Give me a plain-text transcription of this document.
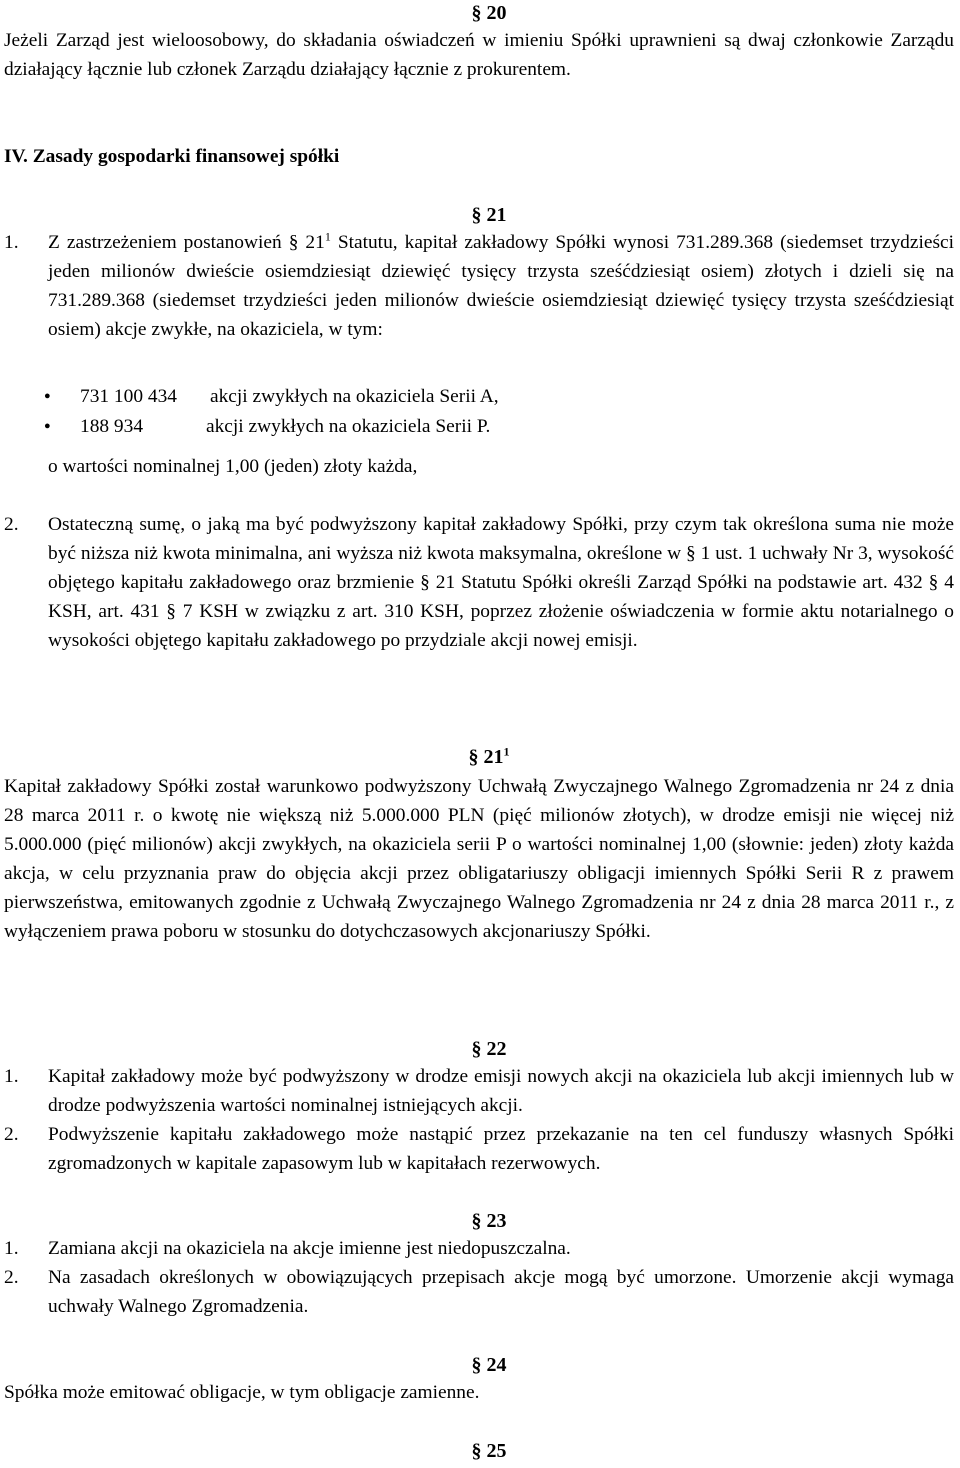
§ 20

Jeżeli Zarząd jest wieloosobowy, do składania oświadczeń w imieniu Spółki uprawnieni są dwaj członkowie Zarządu działający łącznie lub członek Zarządu działający łącznie z prokurentem.

IV. Zasady gospodarki finansowej spółki

§ 21
1. Z zastrzeżeniem postanowień § $21^1$ Statutu, kapitał zakładowy Spółki wynosi 731.289.368 (siedemset trzydzieści jeden milionów dwieście osiemdziesiąt dziewięć tysięcy trzysta sześćdziesiąt osiem) złotych i dzieli się na 731.289.368 (siedemset trzydzieści jeden milionów dwieście osiemdziesiąt dziewięć tysięcy trzysta sześćdziesiąt osiem) akcje zwykłe, na okaziciela, w tym:
● 731 100 434 akcji zwykłych na okaziciela Serii A,
● 188 934	akcji zwykłych na okaziciela Serii P.

o wartości nominalnej 1,00 (jeden) złoty każda,

2. Ostateczną sumę, o jaką ma być podwyższony kapitał zakładowy Spółki, przy czym tak określona suma nie może być niższa niż kwota minimalna, ani wyższa niż kwota maksymalna, określone w § 1 ust. 1 uchwały Nr 3, wysokość objętego kapitału zakładowego oraz brzmienie § 21 Statutu Spółki określi Zarząd Spółki na podstawie art. 432 § 4 KSH, art. 431 § 7 KSH w związku z art. 310 KSH, poprzez złożenie oświadczenia w formie aktu notarialnego o wysokości objętego kapitału zakładowego po przydziale akcji nowej emisji.
§ $21^1$

Kapitał zakładowy Spółki został warunkowo podwyższony Uchwałą Zwyczajnego Walnego Zgromadzenia nr 24 z dnia 28 marca 2011 r. o kwotę nie większą niż 5.000.000 PLN (pięć milionów złotych), w drodze emisji nie więcej niż 5.000.000 (pięć milionów) akcji zwykłych, na okaziciela serii P o wartości nominalnej 1,00 (słownie: jeden) złoty każda akcja, w celu przyznania praw do objęcia akcji przez obligatariuszy obligacji imiennych Spółki Serii R z prawem pierwszeństwa, emitowanych zgodnie z Uchwałą Zwyczajnego Walnego Zgromadzenia nr 24 z dnia 28 marca 2011 r., z wyłączeniem prawa poboru w stosunku do dotychczasowych akcjonariuszy Spółki.

§ 22
1. Kapitał zakładowy może być podwyższony w drodze emisji nowych akcji na okaziciela lub akcji imiennych lub w drodze podwyższenia wartości nominalnej istniejących akcji.
2. Podwyższenie kapitału zakładowego może nastąpić przez przekazanie na ten cel funduszy własnych Spółki zgromadzonych w kapitale zapasowym lub w kapitałach rezerwowych.
§ 23
1. Zamiana akcji na okaziciela na akcje imienne jest niedopuszczalna.
2. Na zasadach określonych w obowiązujących przepisach akcje mogą być umorzone. Umorzenie akcji wymaga uchwały Walnego Zgromadzenia.
§ 24

Spółka może emitować obligacje, w tym obligacje zamienne.

§ 25
